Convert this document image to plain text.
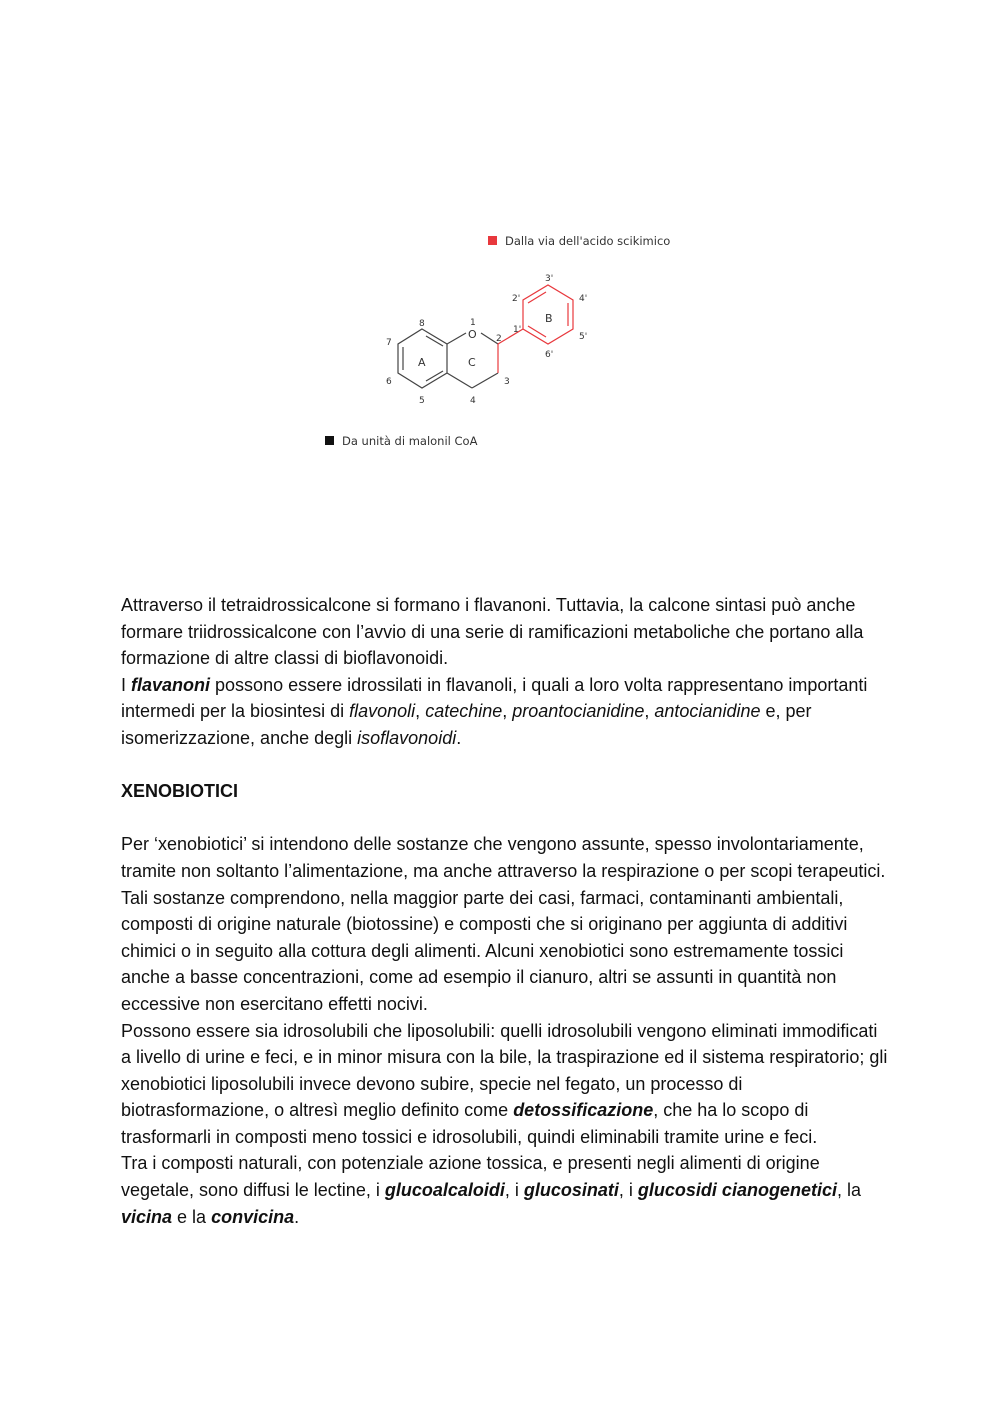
Dalla via dell'acido scikimico
Da unità di malonil CoA
A	C
B
O
1
2
3
4
5
6
7
8
1'
2'
3'
4'
5'
6'

Attraverso il tetraidrossicalcone si formano i flavanoni. Tuttavia, la calcone sintasi può anche formare triidrossicalcone con l’avvio di una serie di ramificazioni metaboliche che portano alla formazione di altre classi di bioflavonoidi.

I flavanoni possono essere idrossilati in flavanoli, i quali a loro volta rappresentano importanti intermedi per la biosintesi di flavonoli, catechine, proantocianidine, antocianidine e, per isomerizzazione, anche degli isoflavonoidi.

XENOBIOTICI

Per ‘xenobiotici’ si intendono delle sostanze che vengono assunte, spesso involontariamente, tramite non soltanto l’alimentazione, ma anche attraverso la respirazione o per scopi terapeutici. Tali sostanze comprendono, nella maggior parte dei casi, farmaci, contaminanti ambientali, composti di origine naturale (biotossine) e composti che si originano per aggiunta di additivi chimici o in seguito alla cottura degli alimenti. Alcuni xenobiotici sono estremamente tossici anche a basse concentrazioni, come ad esempio il cianuro, altri se assunti in quantità non eccessive non esercitano effetti nocivi.

Possono essere sia idrosolubili che liposolubili: quelli idrosolubili vengono eliminati immodificati a livello di urine e feci, e in minor misura con la bile, la traspirazione ed il sistema respiratorio; gli xenobiotici liposolubili invece devono subire, specie nel fegato, un processo di biotrasformazione, o altresì meglio definito come detossificazione, che ha lo scopo di trasformarli in composti meno tossici e idrosolubili, quindi eliminabili tramite urine e feci.

Tra i composti naturali, con potenziale azione tossica, e presenti negli alimenti di origine vegetale, sono diffusi le lectine, i glucoalcaloidi, i glucosinati, i glucosidi cianogenetici, la vicina e la convicina.
